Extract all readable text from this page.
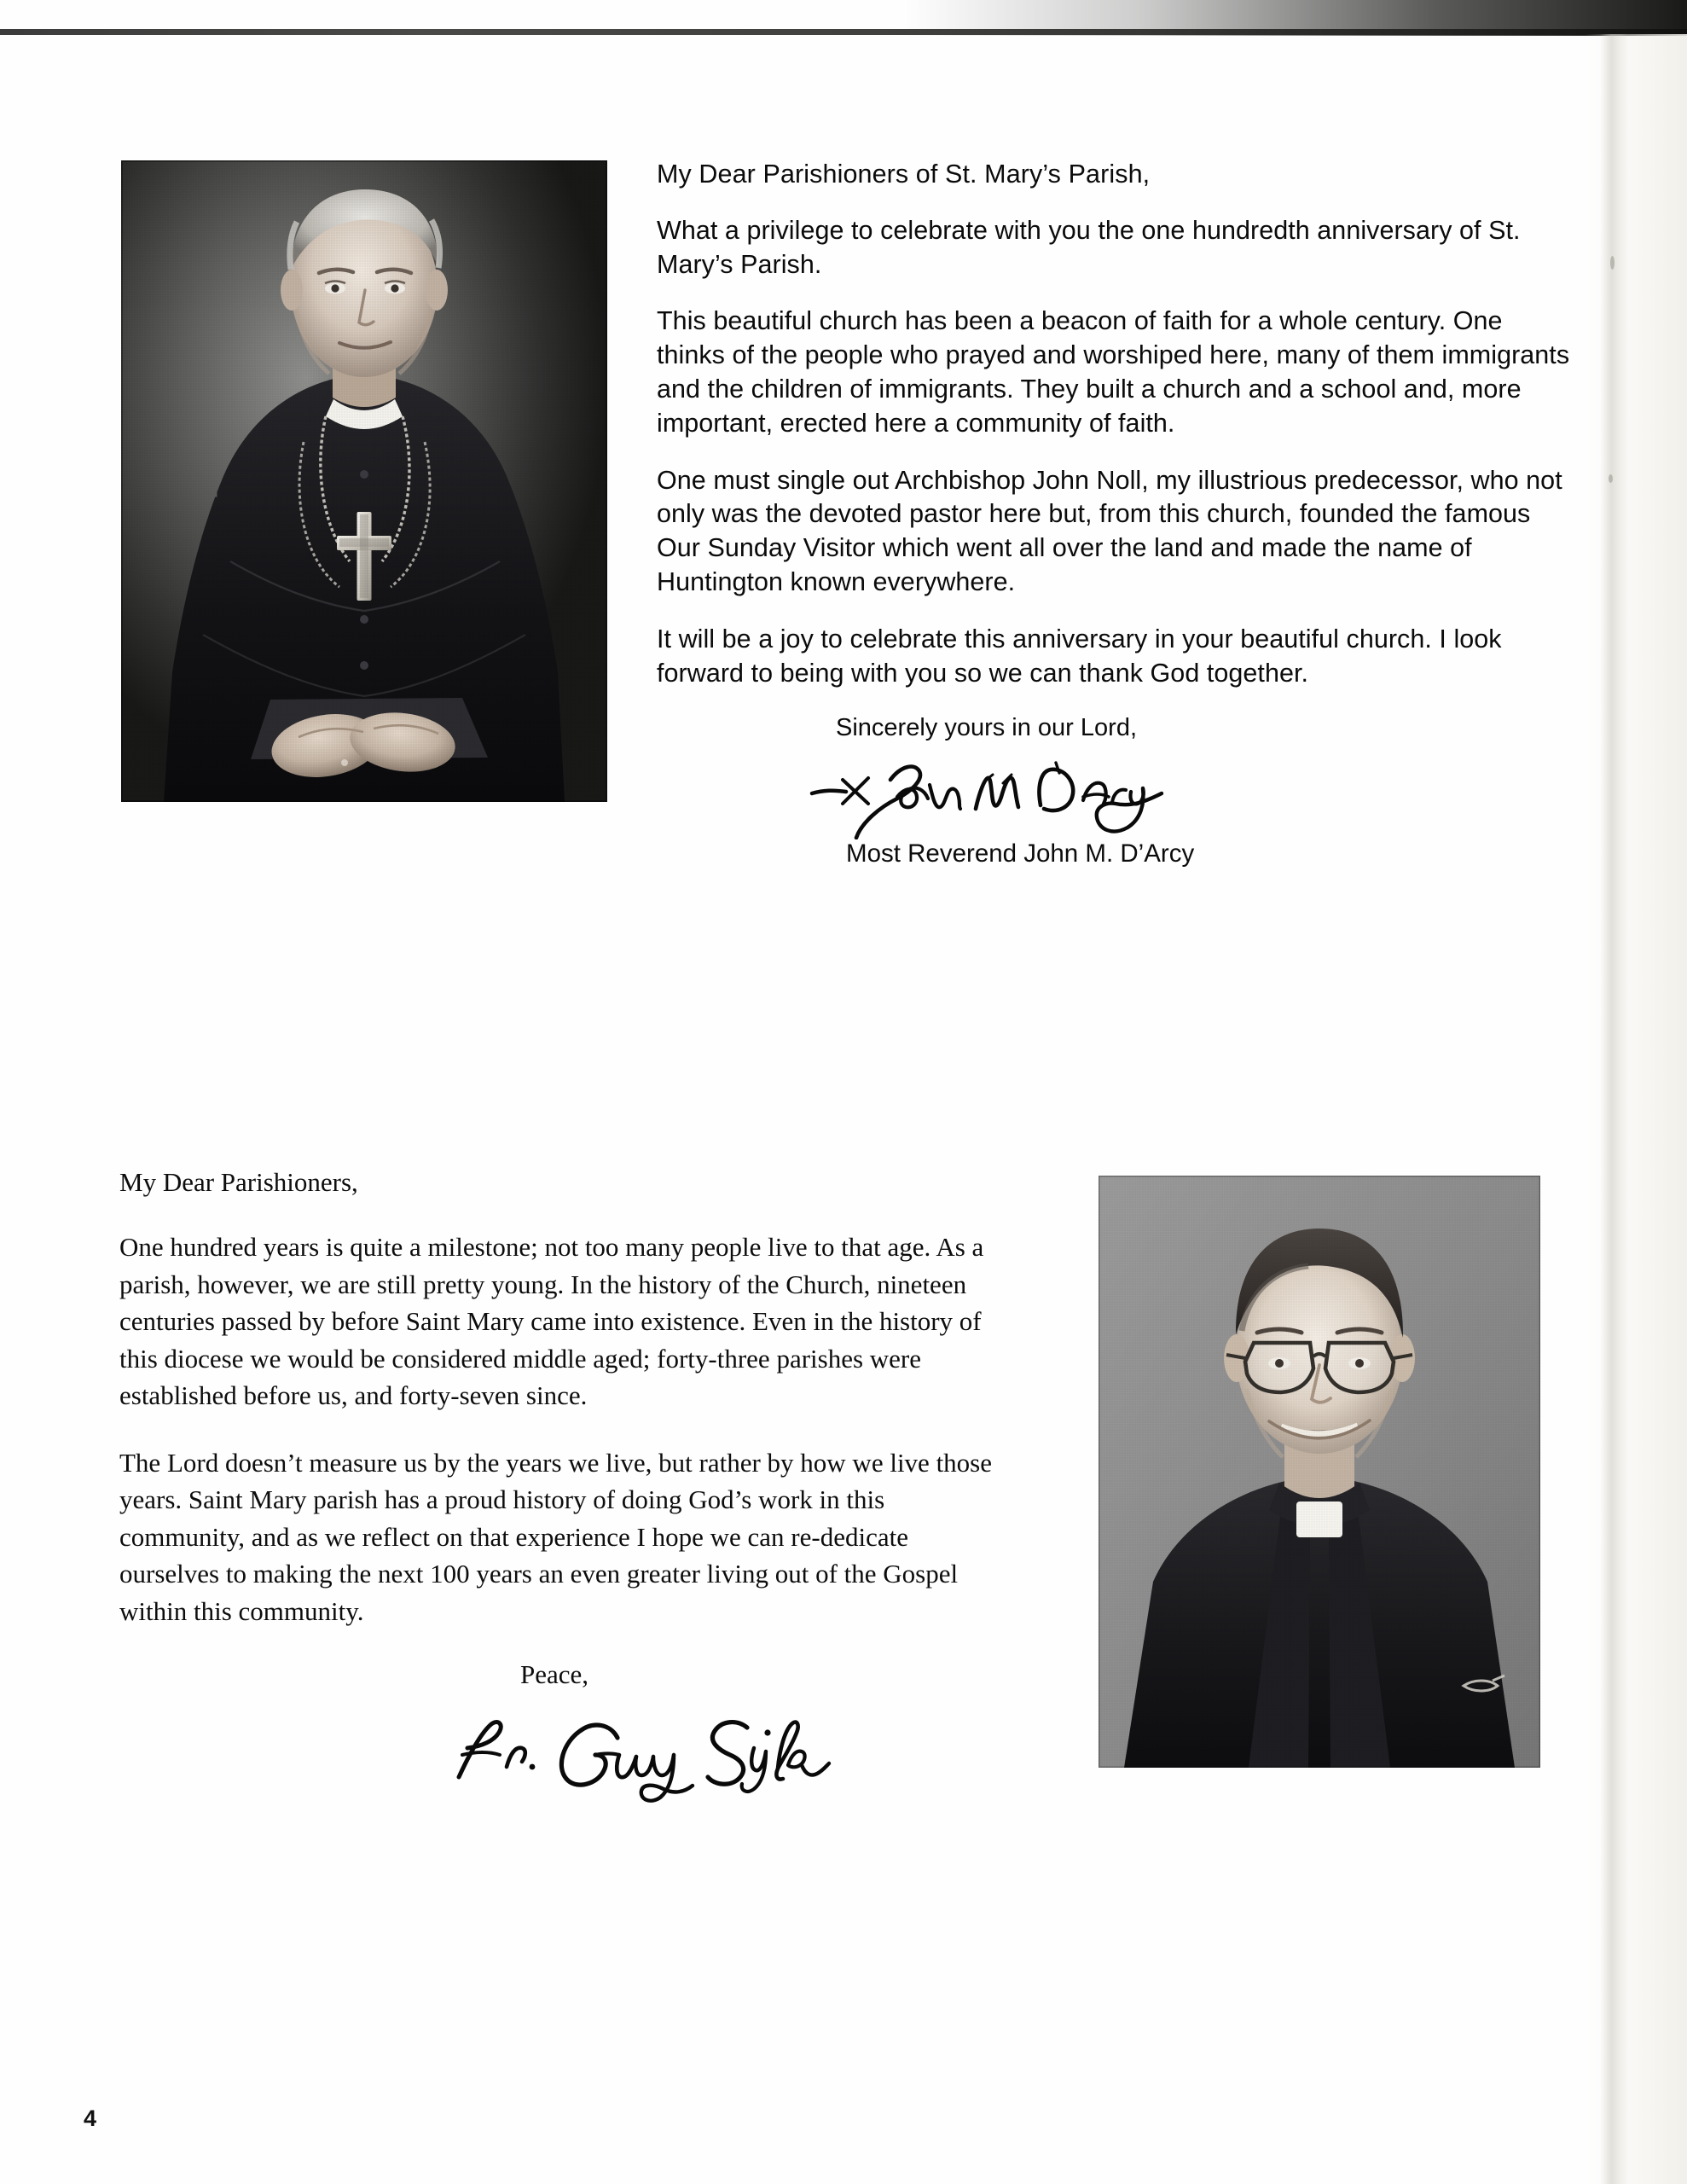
My Dear Parishioners of St. Mary’s Parish,

What a privilege to celebrate with you the one hundredth anniversary of St. Mary’s Parish.

This beautiful church has been a beacon of faith for a whole century. One thinks of the people who prayed and worshiped here, many of them immigrants and the children of immigrants. They built a church and a school and, more important, erected here a community of faith.

One must single out Archbishop John Noll, my illustrious predecessor, who not only was the devoted pastor here but, from this church, founded the famous Our Sunday Visitor which went all over the land and made the name of Huntington known everywhere.

It will be a joy to celebrate this anniversary in your beautiful church. I look forward to being with you so we can thank God together.

Sincerely yours in our Lord,

Most Reverend John M. D’Arcy

My Dear Parishioners,

One hundred years is quite a milestone; not too many people live to that age. As a parish, however, we are still pretty young. In the history of the Church, nineteen centuries passed by before Saint Mary came into existence. Even in the history of this diocese we would be considered middle aged; forty-three parishes were established before us, and forty-seven since.

The Lord doesn’t measure us by the years we live, but rather by how we live those years. Saint Mary parish has a proud history of doing God’s work in this community, and as we reflect on that experience I hope we can re-dedicate ourselves to making the next 100 years an even greater living out of the Gospel within this community.

Peace,

4
